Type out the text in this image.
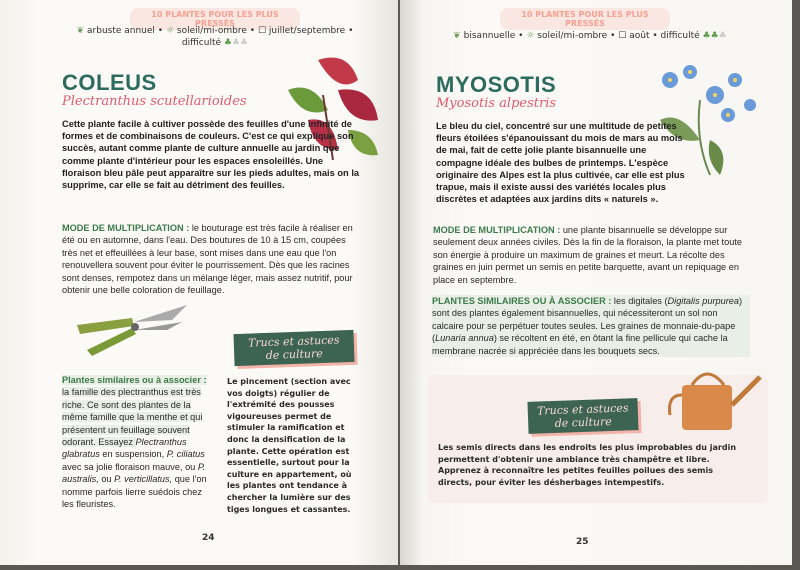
10 PLANTES POUR LES PLUS PRESSÉS
❦ arbuste annuel • ☼ soleil/mi-ombre • ☐ juillet/septembre •
difficulté ♣♣♣
COLEUS
Plectranthus scutellarioides
Cette plante facile à cultiver possède des feuilles d'une infinité de formes et de combinaisons de couleurs. C'est ce qui explique son succès, autant comme plante de culture annuelle au jardin que comme plante d'intérieur pour les espaces ensoleillés. Une floraison bleu pâle peut apparaître sur les pieds adultes, mais on la supprime, car elle se fait au détriment des feuilles.
MODE DE MULTIPLICATION : le bouturage est très facile à réaliser en été ou en automne, dans l'eau. Des boutures de 10 à 15 cm, coupées très net et effeuillées à leur base, sont mises dans une eau que l'on renouvellera souvent pour éviter le pourrissement. Dès que les racines sont denses, rempotez dans un mélange léger, mais assez nutritif, pour obtenir une belle coloration de feuillage.
Plantes similaires ou à associer : la famille des plectranthus est très riche. Ce sont des plantes de la même famille que la menthe et qui présentent un feuillage souvent odorant. Essayez Plectranthus glabratus en suspension, P. ciliatus avec sa jolie floraison mauve, ou P. australis, ou P. verticillatus, que l'on nomme parfois lierre suédois chez les fleuristes.
Trucs et astuces
de culture
Le pincement (section avec vos doigts) régulier de l'extrémité des pousses vigoureuses permet de stimuler la ramification et donc la densification de la plante. Cette opération est essentielle, surtout pour la culture en appartement, où les plantes ont tendance à chercher la lumière sur des tiges longues et cassantes.
24
10 PLANTES POUR LES PLUS PRESSÉS
❦ bisannuelle • ☼ soleil/mi-ombre • ☐ août • difficulté ♣♣♣
MYOSOTIS
Myosotis alpestris
Le bleu du ciel, concentré sur une multitude de petites fleurs étoilées s'épanouissant du mois de mars au mois de mai, fait de cette jolie plante bisannuelle une compagne idéale des bulbes de printemps. L'espèce originaire des Alpes est la plus cultivée, car elle est plus trapue, mais il existe aussi des variétés locales plus discrètes et adaptées aux jardins dits « naturels ».
MODE DE MULTIPLICATION : une plante bisannuelle se développe sur seulement deux années civiles. Dès la fin de la floraison, la plante met toute son énergie à produire un maximum de graines et meurt. La récolte des graines en juin permet un semis en petite barquette, avant un repiquage en place en septembre.
PLANTES SIMILAIRES OU À ASSOCIER : les digitales (Digitalis purpurea) sont des plantes également bisannuelles, qui nécessiteront un sol non calcaire pour se perpétuer toutes seules. Les graines de monnaie-du-pape (Lunaria annua) se récoltent en été, en ôtant la fine pellicule qui cache la membrane nacrée si appréciée dans les bouquets secs.
Trucs et astuces
de culture
Les semis directs dans les endroits les plus improbables du jardin permettent d'obtenir une ambiance très champêtre et libre. Apprenez à reconnaître les petites feuilles poilues des semis directs, pour éviter les désherbages intempestifs.
25
